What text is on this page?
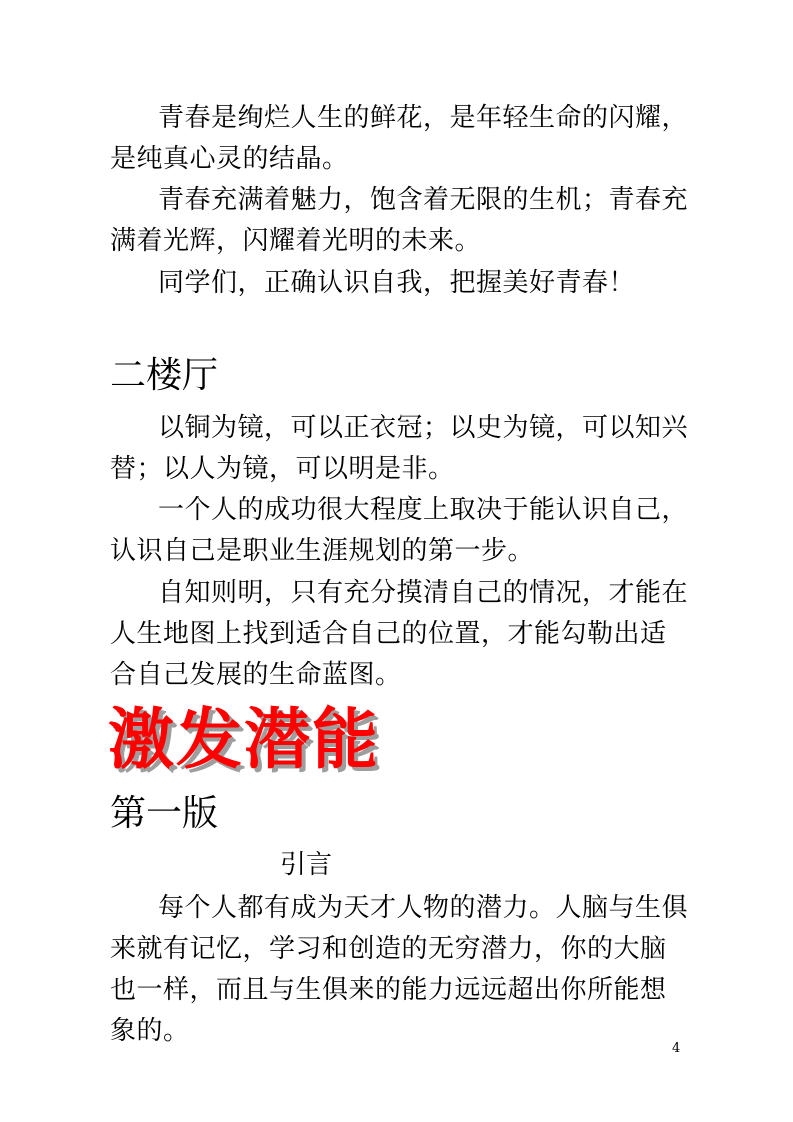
青春是绚烂人生的鲜花，是年轻生命的闪耀，是纯真心灵的结晶。

青春充满着魅力，饱含着无限的生机；青春充满着光辉，闪耀着光明的未来。

同学们，正确认识自我，把握美好青春！

二楼厅

以铜为镜，可以正衣冠；以史为镜，可以知兴替；以人为镜，可以明是非。

一个人的成功很大程度上取决于能认识自己，认识自己是职业生涯规划的第一步。

自知则明，只有充分摸清自己的情况，才能在人生地图上找到适合自己的位置，才能勾勒出适合自己发展的生命蓝图。

激发潜能
第一版
引言

每个人都有成为天才人物的潜力。人脑与生俱来就有记忆，学习和创造的无穷潜力，你的大脑也一样，而且与生俱来的能力远远超出你所能想象的。

4
